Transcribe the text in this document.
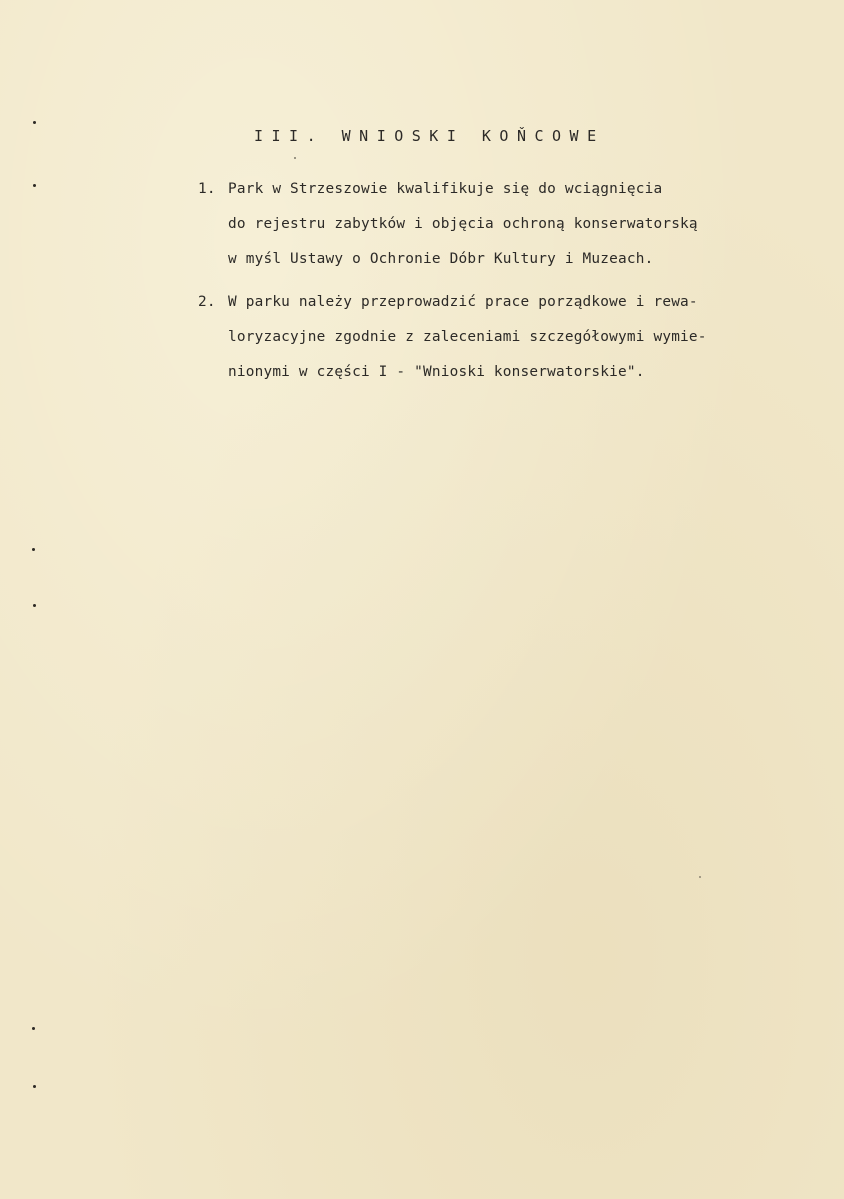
III. WNIOSKI KOŇCOWE
1. Park w Strzeszowie kwalifikuje się do wciągnięcia
do rejestru zabytków i objęcia ochroną konserwatorską
w myśl Ustawy o Ochronie Dóbr Kultury i Muzeach.
2. W parku należy przeprowadzić prace porządkowe i rewa-
loryzacyjne zgodnie z zaleceniami szczegółowymi wymie-
nionymi w części I - "Wnioski konserwatorskie".
